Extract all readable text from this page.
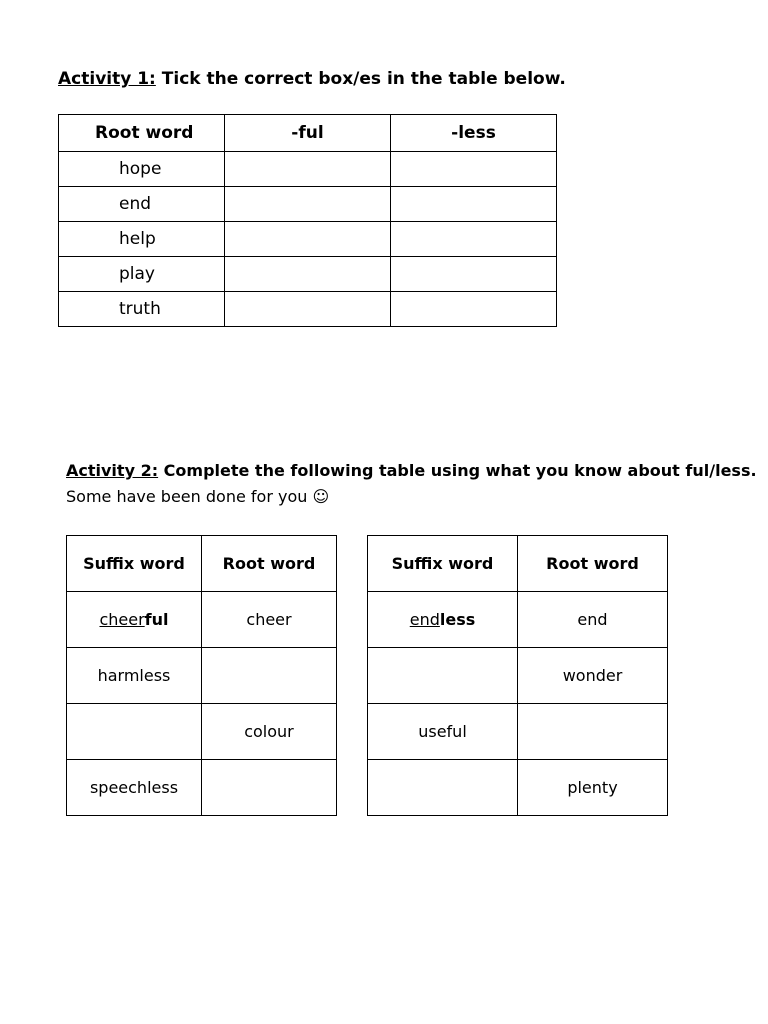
Activity 1: Tick the correct box/es in the table below.
Root word	-ful	-less
hope		
end		
help		
play		
truth		
Activity 2: Complete the following table using what you know about ful/less.
Some have been done for you ☺
Suffix word	Root word
cheerful	cheer
harmless	
	colour
speechless	
Suffix word	Root word
endless	end
	wonder
useful	
	plenty
